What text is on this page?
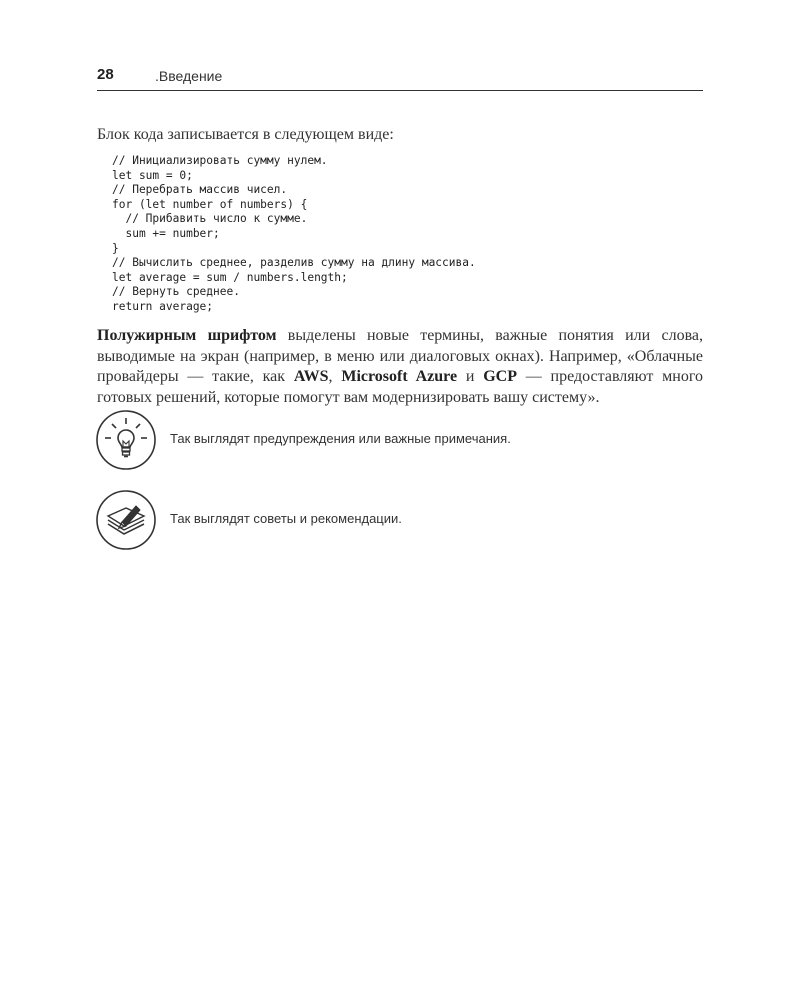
28	.Введение
Блок кода записывается в следующем виде:
// Инициализировать сумму нулем.
let sum = 0;
// Перебрать массив чисел.
for (let number of numbers) {
// Прибавить число к сумме.
sum += number;
}
// Вычислить среднее, разделив сумму на длину массива.
let average = sum / numbers.length;
// Вернуть среднее.
return average;
Полужирным шрифтом выделены новые термины, важные понятия или слова, выводимые на экран (например, в меню или диалоговых окнах). Например, «Облачные провайдеры — такие, как AWS, Microsoft Azure и GCP — предоставляют много готовых решений, которые помогут вам модернизировать вашу систему».
Так выглядят предупреждения или важные примечания.
Так выглядят советы и рекомендации.
